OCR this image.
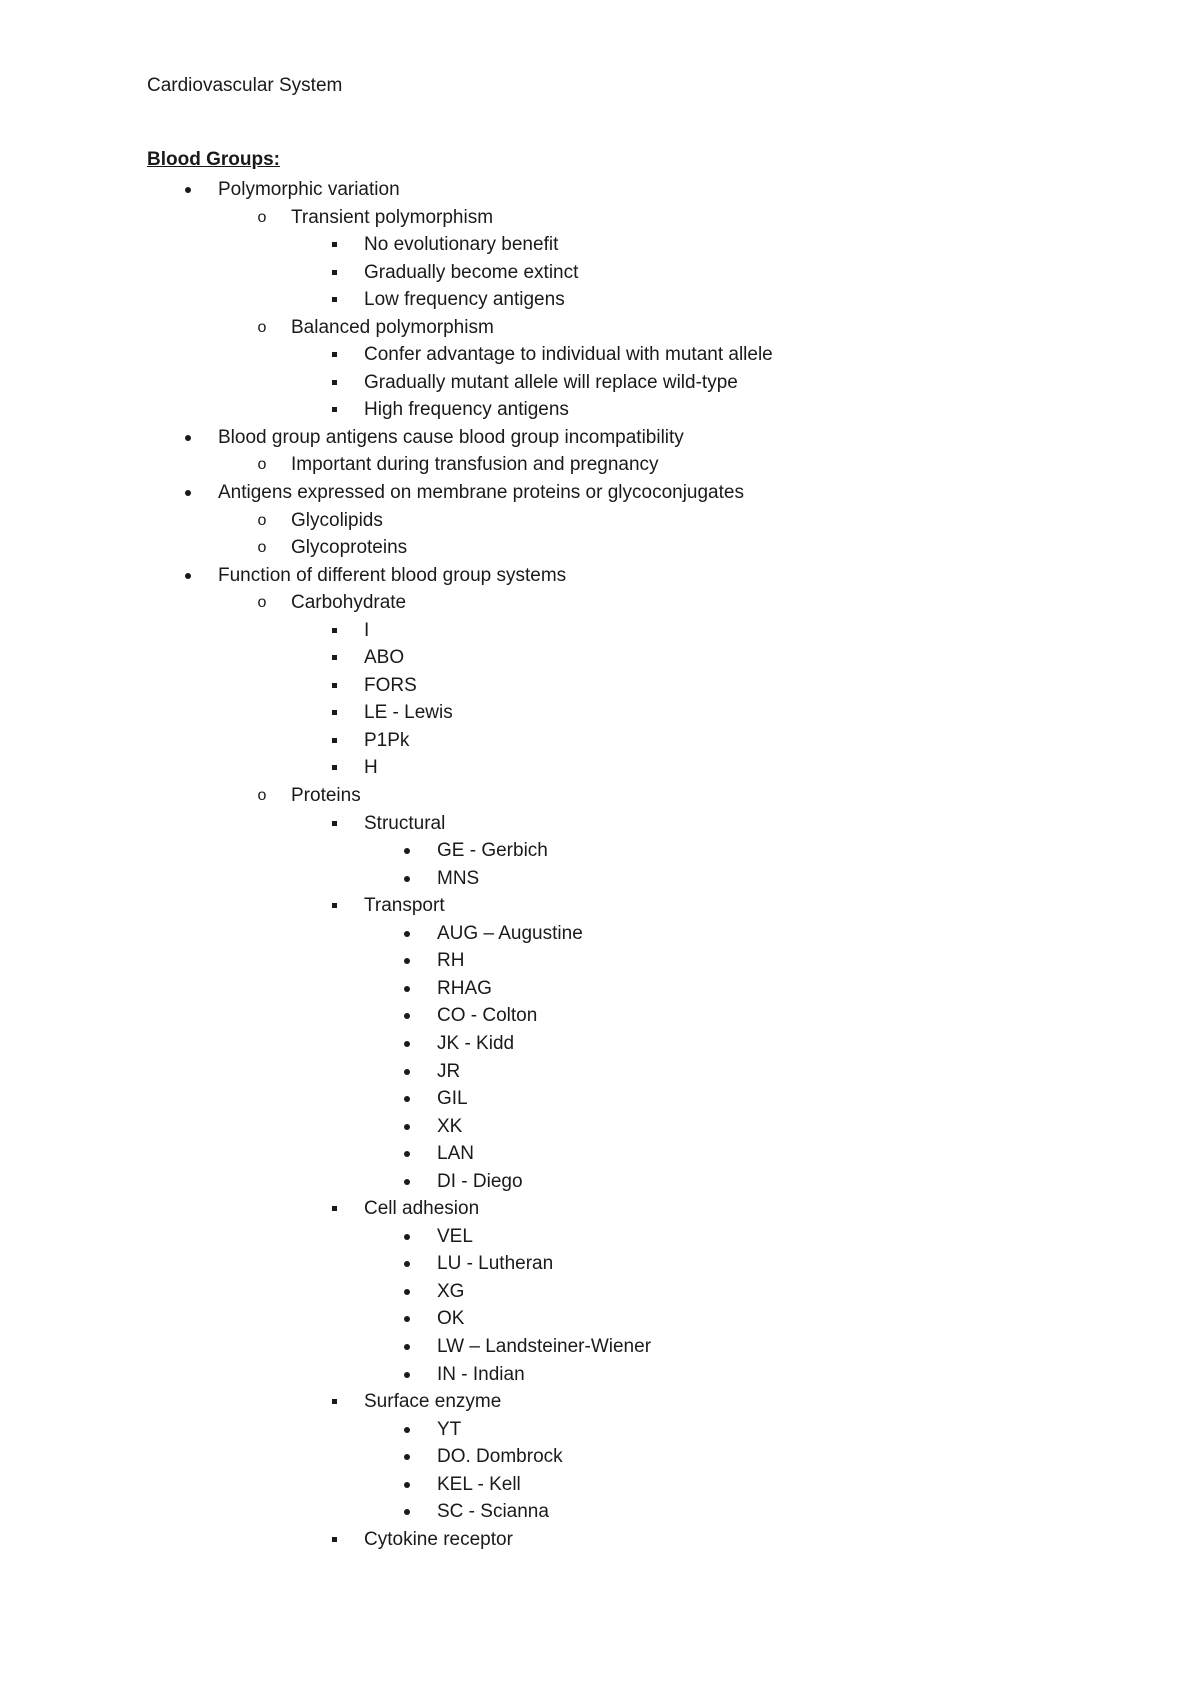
Cardiovascular System
Blood Groups:
Polymorphic variation
o Transient polymorphism
No evolutionary benefit
Gradually become extinct
Low frequency antigens
o Balanced polymorphism
Confer advantage to individual with mutant allele
Gradually mutant allele will replace wild-type
High frequency antigens
Blood group antigens cause blood group incompatibility
o Important during transfusion and pregnancy
Antigens expressed on membrane proteins or glycoconjugates
o Glycolipids
o Glycoproteins
Function of different blood group systems
o Carbohydrate
I
ABO
FORS
LE - Lewis
P1Pk
H
o Proteins
Structural
GE - Gerbich
MNS
Transport
AUG – Augustine
RH
RHAG
CO - Colton
JK - Kidd
JR
GIL
XK
LAN
DI - Diego
Cell adhesion
VEL
LU - Lutheran
XG
OK
LW – Landsteiner-Wiener
IN - Indian
Surface enzyme
YT
DO. Dombrock
KEL - Kell
SC - Scianna
Cytokine receptor
